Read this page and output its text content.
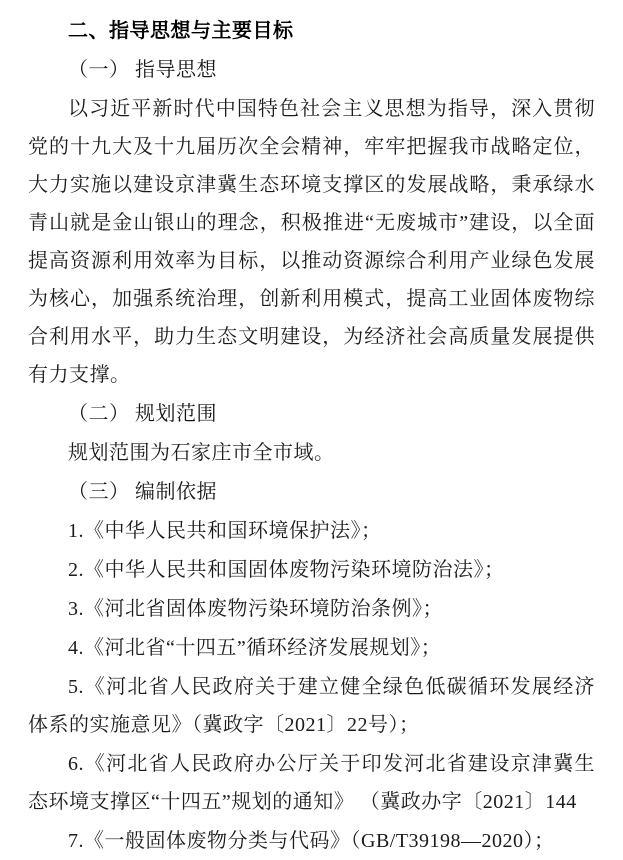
二、指导思想与主要目标

（一） 指导思想

以习近平新时代中国特色社会主义思想为指导，深入贯彻党的十九大及十九届历次全会精神，牢牢把握我市战略定位，大力实施以建设京津冀生态环境支撑区的发展战略，秉承绿水青山就是金山银山的理念，积极推进“无废城市”建设，以全面提高资源利用效率为目标，以推动资源综合利用产业绿色发展为核心，加强系统治理，创新利用模式，提高工业固体废物综合利用水平，助力生态文明建设，为经济社会高质量发展提供有力支撑。

（二） 规划范围

规划范围为石家庄市全市域。

（三） 编制依据

1.《中华人民共和国环境保护法》；

2.《中华人民共和国固体废物污染环境防治法》；

3.《河北省固体废物污染环境防治条例》；

4.《河北省“十四五”循环经济发展规划》；

5.《河北省人民政府关于建立健全绿色低碳循环发展经济体系的实施意见》（冀政字〔2021〕22号）；

6.《河北省人民政府办公厅关于印发河北省建设京津冀生态环境支撑区“十四五”规划的通知》 （冀政办字〔2021〕144

7.《一般固体废物分类与代码》（GB/T39198—2020）；
